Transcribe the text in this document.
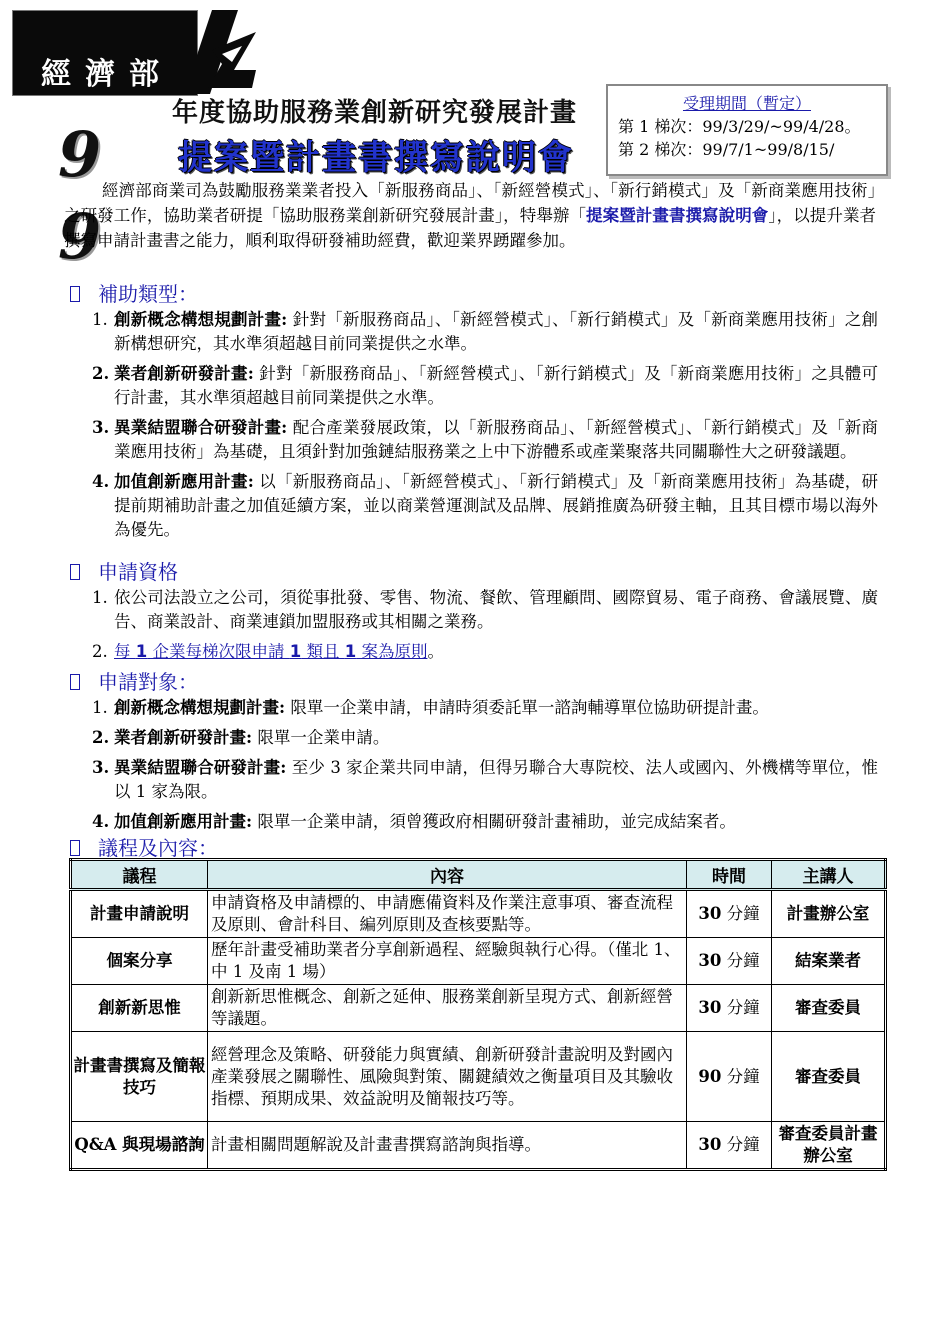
經濟部
9
9
年度協助服務業創新研究發展計畫
提案暨計畫書撰寫說明會
受理期間（暫定）
第 1 梯次：99/3/29/~99/4/28。
第 2 梯次：99/7/1~99/8/15/
經濟部商業司為鼓勵服務業業者投入「新服務商品」、「新經營模式」、「新行銷模式」及「新商業應用技術」之研發工作，協助業者研提「協助服務業創新研究發展計畫」，特舉辦「提案暨計畫書撰寫說明會」，以提升業者撰寫申請計畫書之能力，順利取得研發補助經費，歡迎業界踴躍參加。
補助類型：
1. 創新概念構想規劃計畫: 針對「新服務商品」、「新經營模式」、「新行銷模式」及「新商業應用技術」之創新構想研究，其水準須超越目前同業提供之水準。
2. 業者創新研發計畫: 針對「新服務商品」、「新經營模式」、「新行銷模式」及「新商業應用技術」之具體可行計畫，其水準須超越目前同業提供之水準。
3. 異業結盟聯合研發計畫: 配合產業發展政策，以「新服務商品」、「新經營模式」、「新行銷模式」及「新商業應用技術」為基礎，且須針對加強鏈結服務業之上中下游體系或產業聚落共同關聯性大之研發議題。
4. 加值創新應用計畫: 以「新服務商品」、「新經營模式」、「新行銷模式」及「新商業應用技術」為基礎，研提前期補助計畫之加值延續方案，並以商業營運測試及品牌、展銷推廣為研發主軸，且其目標市場以海外為優先。
申請資格
1. 依公司法設立之公司，須從事批發、零售、物流、餐飲、管理顧問、國際貿易、電子商務、會議展覽、廣告、商業設計、商業連鎖加盟服務或其相關之業務。
2. 每 1 企業每梯次限申請 1 類且 1 案為原則。
申請對象：
1. 創新概念構想規劃計畫: 限單一企業申請，申請時須委託單一諮詢輔導單位協助研提計畫。
2. 業者創新研發計畫: 限單一企業申請。
3. 異業結盟聯合研發計畫: 至少 3 家企業共同申請，但得另聯合大專院校、法人或國內、外機構等單位，惟以 1 家為限。
4. 加值創新應用計畫: 限單一企業申請，須曾獲政府相關研發計畫補助，並完成結案者。
議程及內容：
議程	內容	時間	主講人
計畫申請說明	申請資格及申請標的、申請應備資料及作業注意事項、審查流程及原則、會計科目、編列原則及查核要點等。	30 分鐘	計畫辦公室
個案分享	歷年計畫受補助業者分享創新過程、經驗與執行心得。（僅北 1、中 1 及南 1 場）	30 分鐘	結案業者
創新新思惟	創新新思惟概念、創新之延伸、服務業創新呈現方式、創新經營等議題。	30 分鐘	審查委員
計畫書撰寫及簡報技巧	經營理念及策略、研發能力與實績、創新研發計畫說明及對國內產業發展之關聯性、風險與對策、關鍵績效之衡量項目及其驗收指標、預期成果、效益說明及簡報技巧等。	90 分鐘	審查委員
Q&A 與現場諮詢	計畫相關問題解說及計畫書撰寫諮詢與指導。	30 分鐘	審查委員計畫辦公室
